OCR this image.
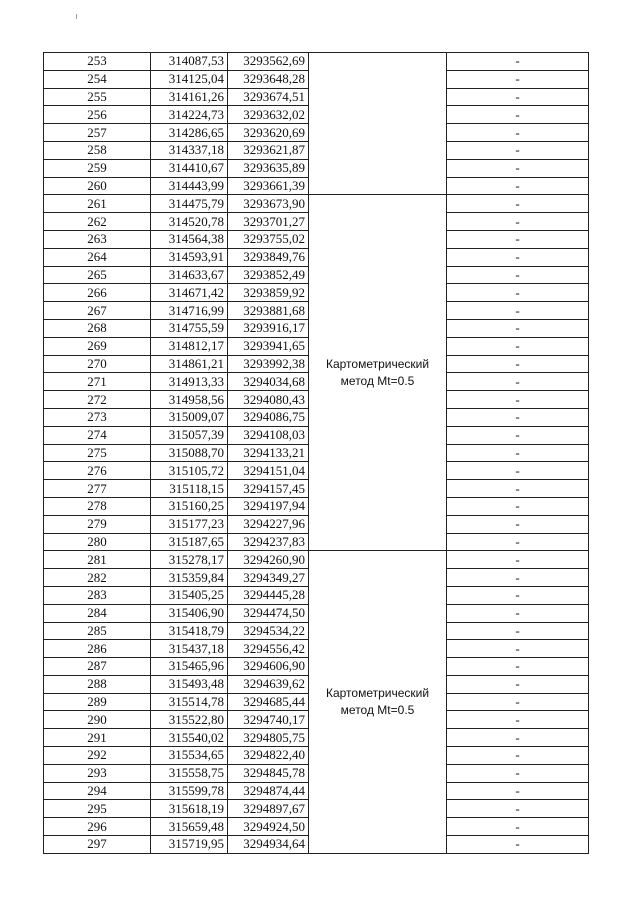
253	314087,53	3293562,69		-
254	314125,04	3293648,28		-
255	314161,26	3293674,51		-
256	314224,73	3293632,02		-
257	314286,65	3293620,69		-
258	314337,18	3293621,87		-
259	314410,67	3293635,89		-
260	314443,99	3293661,39		-
261	314475,79	3293673,90	Картометрический метод Mt=0.5	-
262	314520,78	3293701,27		-
263	314564,38	3293755,02		-
264	314593,91	3293849,76		-
265	314633,67	3293852,49		-
266	314671,42	3293859,92		-
267	314716,99	3293881,68		-
268	314755,59	3293916,17		-
269	314812,17	3293941,65		-
270	314861,21	3293992,38		-
271	314913,33	3294034,68		-
272	314958,56	3294080,43		-
273	315009,07	3294086,75		-
274	315057,39	3294108,03		-
275	315088,70	3294133,21		-
276	315105,72	3294151,04		-
277	315118,15	3294157,45		-
278	315160,25	3294197,94		-
279	315177,23	3294227,96		-
280	315187,65	3294237,83		-
281	315278,17	3294260,90	Картометрический метод Mt=0.5	-
282	315359,84	3294349,27		-
283	315405,25	3294445,28		-
284	315406,90	3294474,50		-
285	315418,79	3294534,22		-
286	315437,18	3294556,42		-
287	315465,96	3294606,90		-
288	315493,48	3294639,62		-
289	315514,78	3294685,44		-
290	315522,80	3294740,17		-
291	315540,02	3294805,75		-
292	315534,65	3294822,40		-
293	315558,75	3294845,78		-
294	315599,78	3294874,44		-
295	315618,19	3294897,67		-
296	315659,48	3294924,50		-
297	315719,95	3294934,64		-
